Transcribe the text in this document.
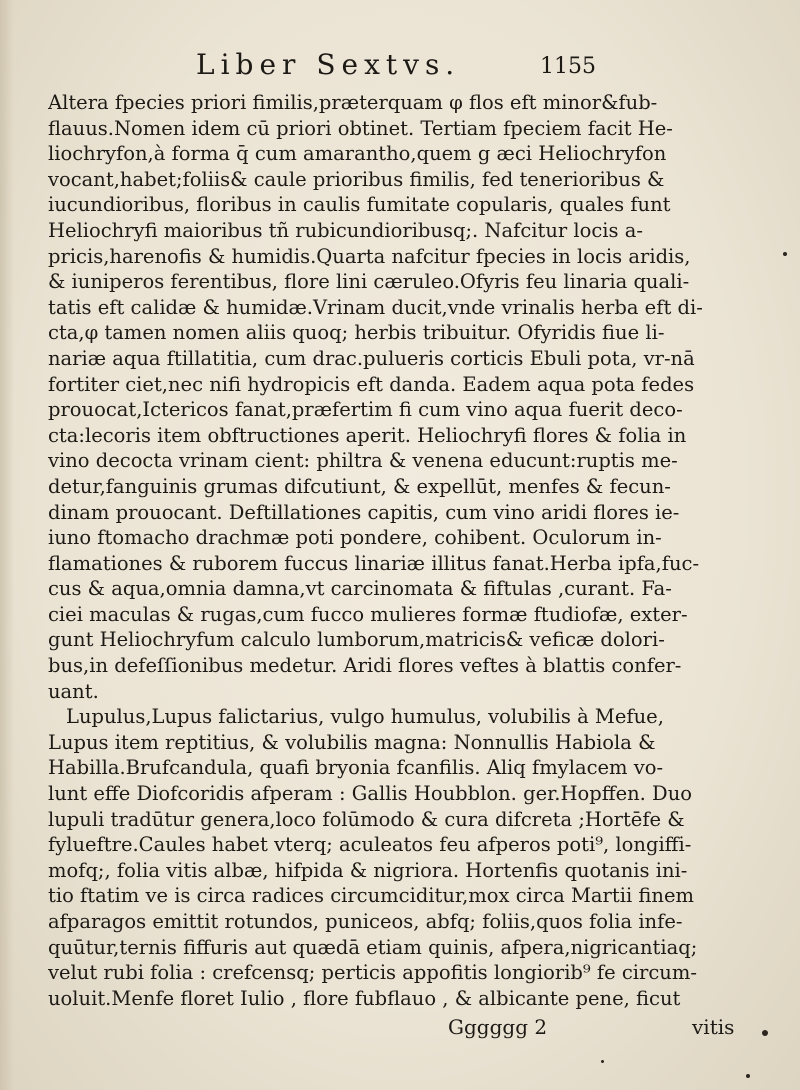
Liber Sextvs.	1155
Altera fpecies priori fimilis,prӕterquam φ flos eft minor&fub-
flauus.Nomen idem cū priori obtinet. Tertiam fpeciem facit He-
liochryfon,à forma q̄ cum amarantho,quem g ӕci Heliochryfon
vocant,habet;foliis& caule prioribus fimilis, fed tenerioribus &
iucundioribus, floribus in caulis fumitate copularis, quales funt
Heliochryfi maioribus tñ rubicundioribusq;. Nafcitur locis a-
pricis,harenofis & humidis.Quarta nafcitur fpecies in locis aridis,
& iuniperos ferentibus, flore lini cӕruleo.Ofyris feu linaria quali-
tatis eft calidӕ & humidӕ.Vrinam ducit,vnde vrinalis herba eft di-
cta,φ tamen nomen aliis quoq; herbis tribuitur. Ofyridis fiue li-
nariӕ aqua ftillatitia, cum drac.pulueris corticis Ebuli pota, vr-nā
fortiter ciet,nec nifi hydropicis eft danda. Eadem aqua pota fedes
prouocat,Ictericos fanat,prӕfertim fi cum vino aqua fuerit deco-
cta:lecoris item obftructiones aperit. Heliochryfi flores & folia in
vino decocta vrinam cient: philtra & venena educunt:ruptis me-
detur,fanguinis grumas difcutiunt, & expellūt, menfes & fecun-
dinam prouocant. Deftillationes capitis, cum vino aridi flores ie-
iuno ftomacho drachmӕ poti pondere, cohibent. Oculorum in-
flamationes & ruborem fuccus linariӕ illitus fanat.Herba ipfa,fuc-
cus & aqua,omnia damna,vt carcinomata & fiftulas ,curant. Fa-
ciei maculas & rugas,cum fucco mulieres formӕ ftudiofӕ, exter-
gunt Heliochryfum calculo lumborum,matricis& veficӕ dolori-
bus,in defeſſionibus medetur. Aridi flores veftes à blattis confer-
uant.
Lupulus,Lupus falictarius, vulgo humulus, volubilis à Mefue,
Lupus item reptitius, & volubilis magna: Nonnullis Habiola &
Habilla.Brufcandula, quafi bryonia fcanfilis. Aliq fmylacem vo-
lunt effe Diofcoridis afperam : Gallis Houbblon. ger.Hopffen. Duo
lupuli tradūtur genera,loco folūmodo & cura difcreta ;Hortēfe &
fylueftre.Caules habet vterq; aculeatos feu afperos poti⁹, longiffi-
mofq;, folia vitis albӕ, hifpida & nigriora. Hortenfis quotanis ini-
tio ftatim ve is circa radices circumciditur,mox circa Martii finem
afparagos emittit rotundos, puniceos, abfq; foliis,quos folia infe-
quūtur,ternis fiffuris aut quӕdā etiam quinis, afpera,nigricantiaq;
velut rubi folia : crefcensq; perticis appofitis longiorib⁹ fe circum-
uoluit.Menfe floret Iulio , flore fubflauo , & albicante pene, ficut
Gggggg 2	vitis
